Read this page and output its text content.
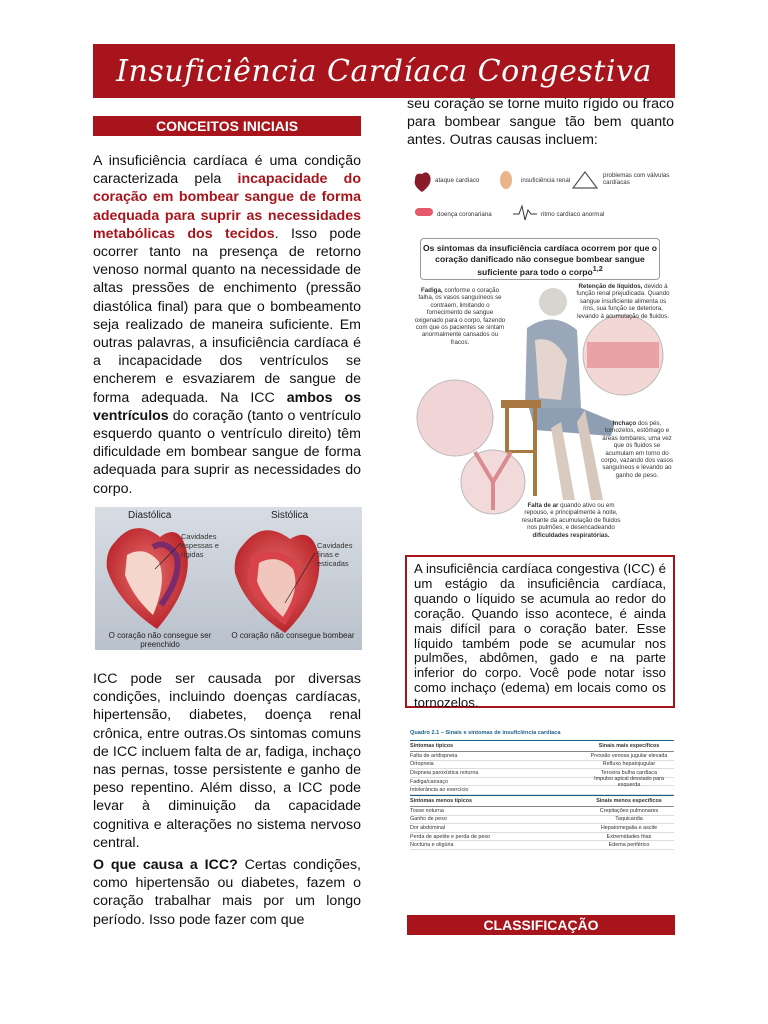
Insuficiência Cardíaca Congestiva
CONCEITOS INICIAIS
A insuficiência cardíaca é uma condição caracterizada pela incapacidade do coração em bombear sangue de forma adequada para suprir as necessidades metabólicas dos tecidos. Isso pode ocorrer tanto na presença de retorno venoso normal quanto na necessidade de altas pressões de enchimento (pressão diastólica final) para que o bombeamento seja realizado de maneira suficiente. Em outras palavras, a insuficiência cardíaca é a incapacidade dos ventrículos se encherem e esvaziarem de sangue de forma adequada. Na ICC ambos os ventrículos do coração (tanto o ventrículo esquerdo quanto o ventrículo direito) têm dificuldade em bombear sangue de forma adequada para suprir as necessidades do corpo.
Diastólica	Sistólica
Cavidades espessas e rígidas
Cavidades finas e esticadas
O coração não consegue ser preenchido
O coração não consegue bombear
ICC pode ser causada por diversas condições, incluindo doenças cardíacas, hipertensão, diabetes, doença renal crônica, entre outras.Os sintomas comuns de ICC incluem falta de ar, fadiga, inchaço nas pernas, tosse persistente e ganho de peso repentino. Além disso, a ICC pode levar à diminuição da capacidade cognitiva e alterações no sistema nervoso central.
O que causa a ICC? Certas condições, como hipertensão ou diabetes, fazem o coração trabalhar mais por um longo período. Isso pode fazer com que
seu coração se torne muito rígido ou fraco para bombear sangue tão bem quanto antes. Outras causas incluem:
ataque cardíaco	insuficiência renal
problemas com válvulas cardíacas
doença coronariana	ritmo cardíaco anormal
Os sintomas da insuficiência cardíaca ocorrem por que o coração danificado não consegue bombear sangue suficiente para todo o corpo$^{1,2}$
Fadiga, conforme o coração falha, os vasos sanguíneos se contraem, limitando o fornecimento de sangue oxigenado para o corpo, fazendo com que os pacientes se sintam anormalmente cansados ou fracos.
Retenção de líquidos, devido à função renal prejudicada. Quando sangue insuficiente alimenta os rins, sua função se deteriora, levando à acumulação de fluidos.
Inchaço dos pés, tornozelos, estômago e áreas lombares, uma vez que os fluidos se acumulam em torno do corpo, vazando dos vasos sanguíneos e levando ao ganho de peso.
Falta de ar quando ativo ou em repouso, e principalmente à noite, resultante da acumulação de fluidos nos pulmões, e desencadeando dificuldades respiratórias.
A insuficiência cardíaca congestiva (ICC) é um estágio da insuficiência cardíaca, quando o líquido se acumula ao redor do coração. Quando isso acontece, é ainda mais difícil para o coração bater. Esse líquido também pode se acumular nos pulmões, abdômen, gado e na parte inferior do corpo. Você pode notar isso como inchaço (edema) em locais como os tornozelos.
Quadro 2.1 – Sinais e sintomas de insuficiência cardíaca
Sintomas típicos	Sinais mais específicos
Falta de ar/dispneia	Pressão venosa jugular elevada
Ortopneia	Refluxo hepatojugular
Dispneia paroxística noturna	Terceira bulha cardíaca
Fadiga/cansaço	Impulso apical desviado para esquerda
Intolerância ao exercício
Sintomas menos típicos	Sinais menos específicos
Tosse noturna	Crepitações pulmonares
Ganho de peso	Taquicardia
Dor abdominal	Hepatomegalia e ascite
Perda de apetite e perda de peso	Extremidades frias
Noctúria e oligúria	Edema periférico
CLASSIFICAÇÃO
